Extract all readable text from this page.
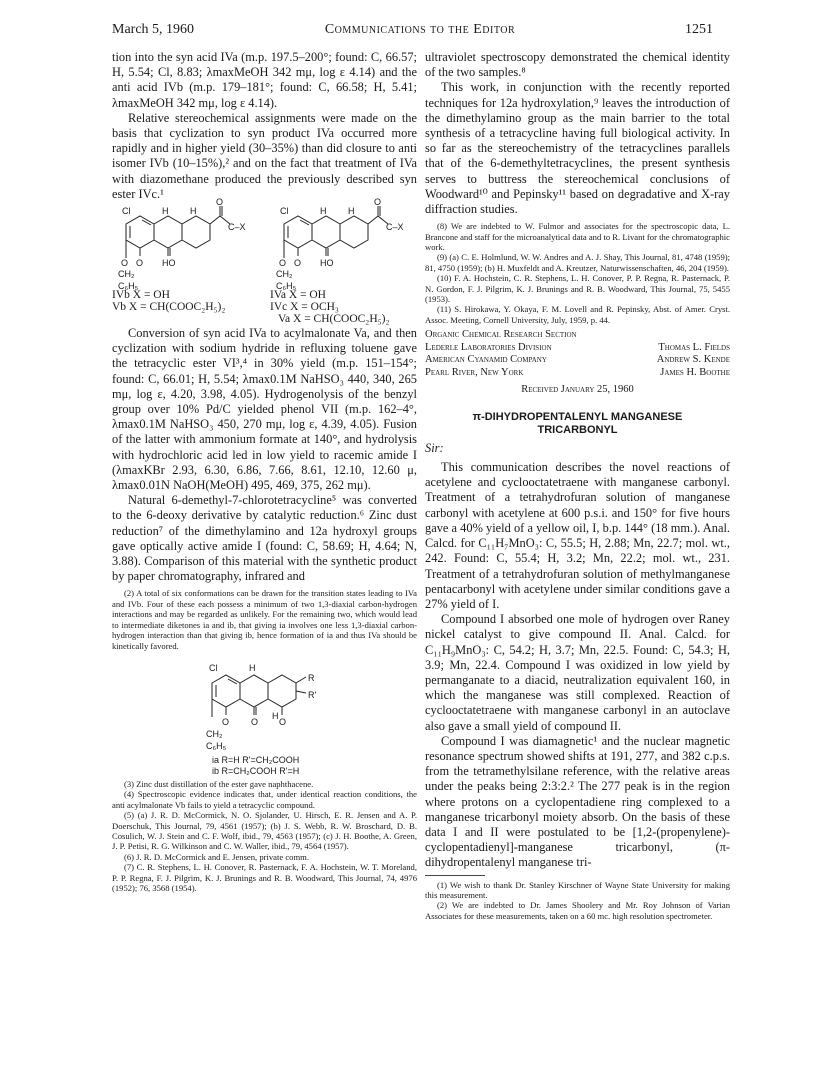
March 5, 1960	Communications to the Editor	1251

tion into the syn acid IVa (m.p. 197.5–200°; found: C, 66.57; H, 5.54; Cl, 8.83; λmaxMeOH 342 mμ, log ε 4.14) and the anti acid IVb (m.p. 179–181°; found: C, 66.58; H, 5.41; λmaxMeOH 342 mμ, log ε 4.14).

Relative stereochemical assignments were made on the basis that cyclization to syn product IVa occurred more rapidly and in higher yield (30–35%) than did closure to anti isomer IVb (10–15%),² and on the fact that treatment of IVa with diazomethane produced the previously described syn ester IVc.¹

Cl	H H
O
C–X
O O HO
CH₂
C₆H₅
Cl	H H
O
C–X
O O HO
CH₂
C₆H₅
IVb X = OH
Vb X = CH(COOC₂H₅)₂
IVa X = OH
IVc X = OCH₃
Va X = CH(COOC₂H₅)₂

Conversion of syn acid IVa to acylmalonate Va, and then cyclization with sodium hydride in refluxing toluene gave the tetracyclic ester VI³,⁴ in 30% yield (m.p. 151–154°; found: C, 66.01; H, 5.54; λmax0.1M NaHSO₃ 440, 340, 265 mμ, log ε, 4.20, 3.98, 4.05). Hydrogenolysis of the benzyl group over 10% Pd/C yielded phenol VII (m.p. 162–4°, λmax0.1M NaHSO₃ 450, 270 mμ, log ε, 4.39, 4.05). Fusion of the latter with ammonium formate at 140°, and hydrolysis with hydrochloric acid led in low yield to racemic amide I (λmaxKBr 2.93, 6.30, 6.86, 7.66, 8.61, 12.10, 12.60 μ, λmax0.01N NaOH(MeOH) 495, 469, 375, 262 mμ).

Natural 6-demethyl-7-chlorotetracycline⁵ was converted to the 6-deoxy derivative by catalytic reduction.⁶ Zinc dust reduction⁷ of the dimethylamino and 12a hydroxyl groups gave optically active amide I (found: C, 58.69; H, 4.64; N, 3.88). Comparison of this material with the synthetic product by paper chromatography, infrared and

(2) A total of six conformations can be drawn for the transition states leading to IVa and IVb. Four of these each possess a minimum of two 1,3-diaxial carbon-hydrogen interactions and may be regarded as unlikely. For the remaining two, which would lead to intermediate diketones ia and ib, that giving ia involves one less 1,3-diaxial carbon-hydrogen interaction than that giving ib, hence formation of ia and thus IVa should be kinetically favored.

Cl	H
R
R'
H
O O O
CH₂
C₆H₅
ia R=H R'=CH₂COOH
ib R=CH₂COOH R'=H

(3) Zinc dust distillation of the ester gave naphthacene.

(4) Spectroscopic evidence indicates that, under identical reaction conditions, the anti acylmalonate Vb fails to yield a tetracyclic compound.

(5) (a) J. R. D. McCormick, N. O. Sjolander, U. Hirsch, E. R. Jensen and A. P. Doerschuk, This Journal, 79, 4561 (1957); (b) J. S. Webb, R. W. Broschard, D. B. Cosulich, W. J. Stein and C. F. Wolf, ibid., 79, 4563 (1957); (c) J. H. Boothe, A. Green, J. P. Petisi, R. G. Wilkinson and C. W. Waller, ibid., 79, 4564 (1957).

(6) J. R. D. McCormick and E. Jensen, private comm.

(7) C. R. Stephens, L. H. Conover, R. Pasternack, F. A. Hochstein, W. T. Moreland, P. P. Regna, F. J. Pilgrim, K. J. Brunings and R. B. Woodward, This Journal, 74, 4976 (1952); 76, 3568 (1954).

ultraviolet spectroscopy demonstrated the chemical identity of the two samples.⁸

This work, in conjunction with the recently reported techniques for 12a hydroxylation,⁹ leaves the introduction of the dimethylamino group as the main barrier to the total synthesis of a tetracycline having full biological activity. In so far as the stereochemistry of the tetracyclines parallels that of the 6-demethyltetracyclines, the present synthesis serves to buttress the stereochemical conclusions of Woodward¹⁰ and Pepinsky¹¹ based on degradative and X-ray diffraction studies.

(8) We are indebted to W. Fulmor and associates for the spectroscopic data, L. Brancone and staff for the microanalytical data and to R. Livant for the chromatographic work.

(9) (a) C. E. Holmlund, W. W. Andres and A. J. Shay, This Journal, 81, 4748 (1959); 81, 4750 (1959); (b) H. Muxfeldt and A. Kreutzer, Naturwissenschaften, 46, 204 (1959).

(10) F. A. Hochstein, C. R. Stephens, L. H. Conover, P. P. Regna, R. Pasternack, P. N. Gordon, F. J. Pilgrim, K. J. Brunings and R. B. Woodward, This Journal, 75, 5455 (1953).

(11) S. Hirokawa, Y. Okaya, F. M. Lovell and R. Pepinsky, Abst. of Amer. Cryst. Assoc. Meeting, Cornell University, July, 1959, p. 44.

Organic Chemical Research Section
Lederle Laboratories Division	Thomas L. Fields
American Cyanamid Company	Andrew S. Kende
Pearl River, New York	James H. Boothe
Received January 25, 1960
π-DIHYDROPENTALENYL MANGANESE
TRICARBONYL

Sir:

This communication describes the novel reactions of acetylene and cyclooctatetraene with manganese carbonyl. Treatment of a tetrahydrofuran solution of manganese carbonyl with acetylene at 600 p.s.i. and 150° for five hours gave a 40% yield of a yellow oil, I, b.p. 144° (18 mm.). Anal. Calcd. for C₁₁H₇MnO₃: C, 55.5; H, 2.88; Mn, 22.7; mol. wt., 242. Found: C, 55.4; H, 3.2; Mn, 22.2; mol. wt., 231. Treatment of a tetrahydrofuran solution of methylmanganese pentacarbonyl with acetylene under similar conditions gave a 27% yield of I.

Compound I absorbed one mole of hydrogen over Raney nickel catalyst to give compound II. Anal. Calcd. for C₁₁H₉MnO₃: C, 54.2; H, 3.7; Mn, 22.5. Found: C, 54.3; H, 3.9; Mn, 22.4. Compound I was oxidized in low yield by permanganate to a diacid, neutralization equivalent 160, in which the manganese was still complexed. Reaction of cyclooctatetraene with manganese carbonyl in an autoclave also gave a small yield of compound II.

Compound I was diamagnetic¹ and the nuclear magnetic resonance spectrum showed shifts at 191, 277, and 382 c.p.s. from the tetramethylsilane reference, with the relative areas under the peaks being 2:3:2.² The 277 peak is in the region where protons on a cyclopentadiene ring complexed to a manganese tricarbonyl moiety absorb. On the basis of these data I and II were postulated to be [1,2-(propenylene)-cyclopentadienyl]-manganese tricarbonyl, (π-dihydropentalenyl manganese tri-

(1) We wish to thank Dr. Stanley Kirschner of Wayne State University for making this measurement.

(2) We are indebted to Dr. James Shoolery and Mr. Roy Johnson of Varian Associates for these measurements, taken on a 60 mc. high resolution spectrometer.
